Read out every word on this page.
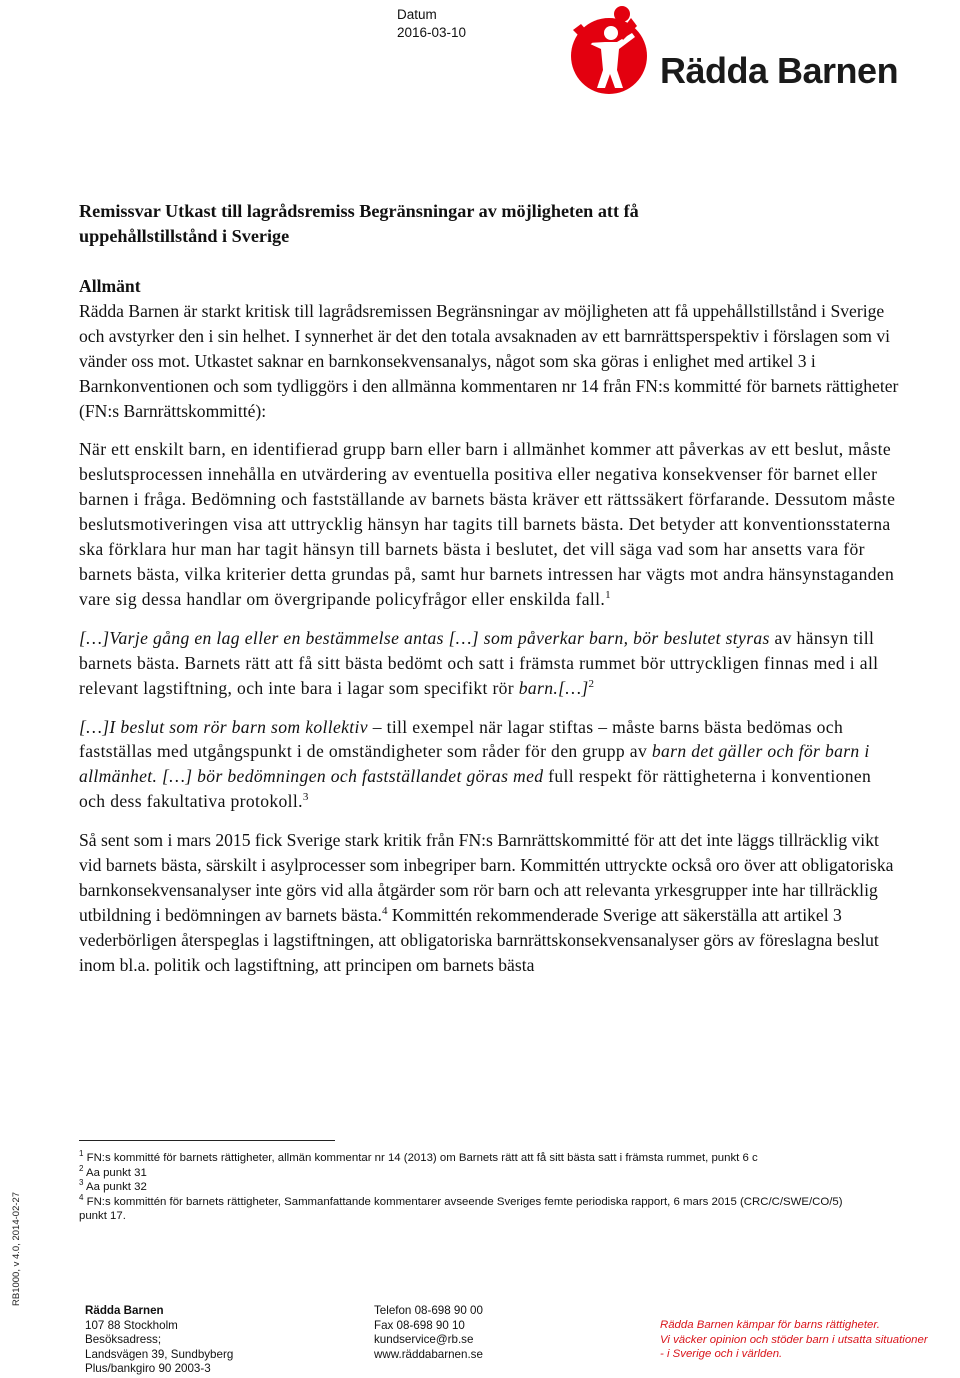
Datum
2016-03-10
Rädda Barnen

Remissvar Utkast till lagrådsremiss Begränsningar av möjligheten att få
uppehållstillstånd i Sverige

Allmänt

Rädda Barnen är starkt kritisk till lagrådsremissen Begränsningar av möjligheten att få uppehållstillstånd i Sverige och avstyrker den i sin helhet. I synnerhet är det den totala avsaknaden av ett barnrättsperspektiv i förslagen som vi vänder oss mot. Utkastet saknar en barnkonsekvensanalys, något som ska göras i enlighet med artikel 3 i Barnkonventionen och som tydliggörs i den allmänna kommentaren nr 14 från FN:s kommitté för barnets rättigheter (FN:s Barnrättskommitté):

När ett enskilt barn, en identifierad grupp barn eller barn i allmänhet kommer att påverkas av ett beslut, måste beslutsprocessen innehålla en utvärdering av eventuella positiva eller negativa konsekvenser för barnet eller barnen i fråga. Bedömning och fastställande av barnets bästa kräver ett rättssäkert förfarande. Dessutom måste beslutsmotiveringen visa att uttrycklig hänsyn har tagits till barnets bästa. Det betyder att konventionsstaterna ska förklara hur man har tagit hänsyn till barnets bästa i beslutet, det vill säga vad som har ansetts vara för barnets bästa, vilka kriterier detta grundas på, samt hur barnets intressen har vägts mot andra hänsynstaganden vare sig dessa handlar om övergripande policyfrågor eller enskilda fall.$^1$

[…]Varje gång en lag eller en bestämmelse antas […] som påverkar barn, bör beslutet styras av hänsyn till barnets bästa. Barnets rätt att få sitt bästa bedömt och satt i främsta rummet bör uttryckligen finnas med i all relevant lagstiftning, och inte bara i lagar som specifikt rör barn.[…]$^2$

[…]I beslut som rör barn som kollektiv – till exempel när lagar stiftas – måste barns bästa bedömas och fastställas med utgångspunkt i de omständigheter som råder för den grupp av barn det gäller och för barn i allmänhet. […] bör bedömningen och fastställandet göras med full respekt för rättigheterna i konventionen och dess fakultativa protokoll.$^3$

Så sent som i mars 2015 fick Sverige stark kritik från FN:s Barnrättskommitté för att det inte läggs tillräcklig vikt vid barnets bästa, särskilt i asylprocesser som inbegriper barn. Kommittén uttryckte också oro över att obligatoriska barnkonsekvensanalyser inte görs vid alla åtgärder som rör barn och att relevanta yrkesgrupper inte har tillräcklig utbildning i bedömningen av barnets bästa.$^4$ Kommittén rekommenderade Sverige att säkerställa att artikel 3 vederbörligen återspeglas i lagstiftningen, att obligatoriska barnrättskonsekvensanalyser görs av föreslagna beslut inom bl.a. politik och lagstiftning, att principen om barnets bästa

$^1$ FN:s kommitté för barnets rättigheter, allmän kommentar nr 14 (2013) om Barnets rätt att få sitt bästa satt i främsta rummet, punkt 6 c
$^2$ Aa punkt 31
$^3$ Aa punkt 32
$^4$ FN:s kommittén för barnets rättigheter, Sammanfattande kommentarer avseende Sveriges femte periodiska rapport, 6 mars 2015 (CRC/C/SWE/CO/5) punkt 17.
RB1000, v 4.0, 2014-02-27
Rädda Barnen
107 88 Stockholm
Besöksadress;
Landsvägen 39, Sundbyberg
Plus/bankgiro 90 2003-3
Telefon 08-698 90 00
Fax 08-698 90 10
kundservice@rb.se
www.räddabarnen.se
Rädda Barnen kämpar för barns rättigheter.
Vi väcker opinion och stöder barn i utsatta situationer
- i Sverige och i världen.
